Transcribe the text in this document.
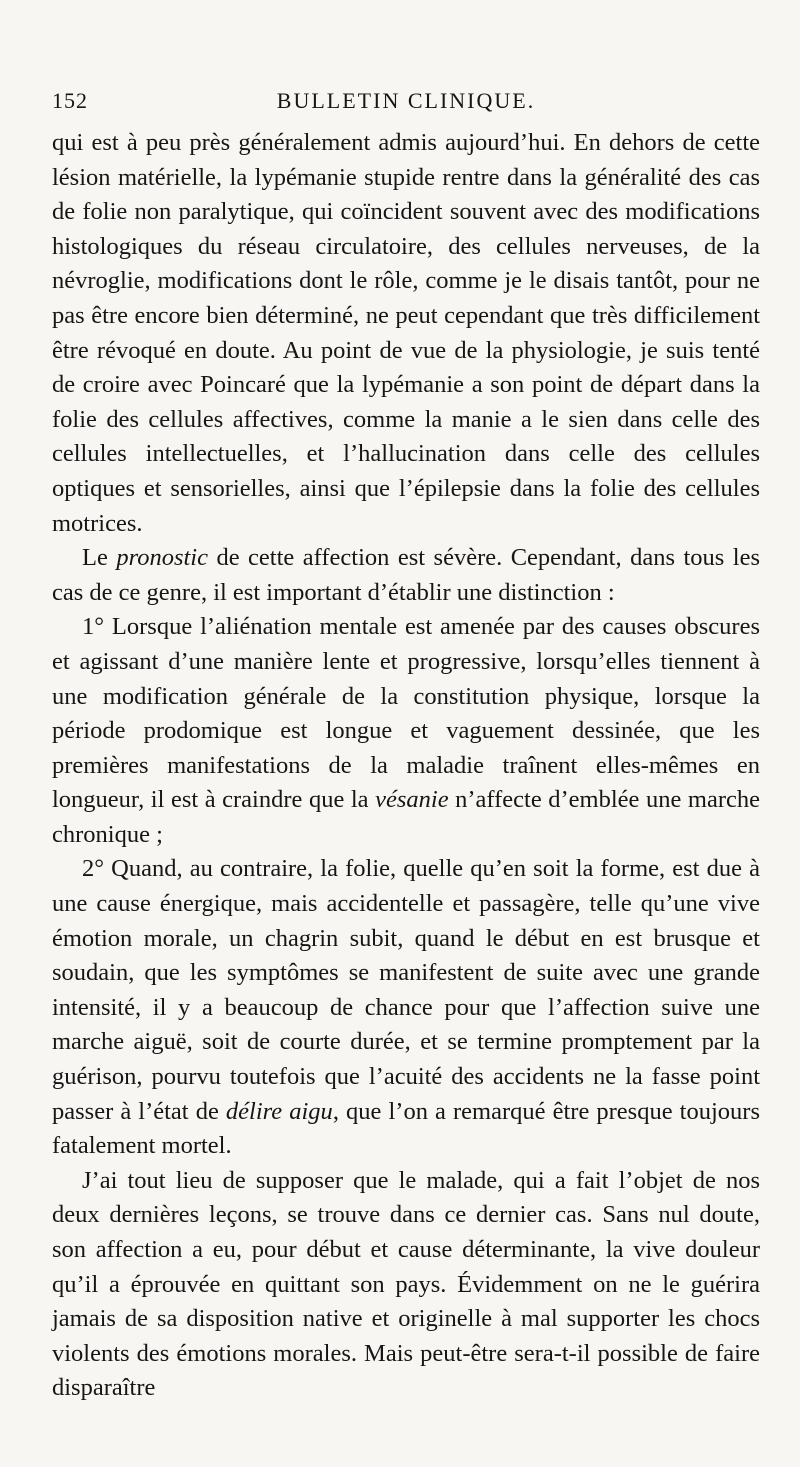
152	BULLETIN CLINIQUE.

qui est à peu près généralement admis aujourd’hui. En dehors de cette lésion matérielle, la lypémanie stupide rentre dans la généralité des cas de folie non paralytique, qui coïncident souvent avec des modifications histologiques du réseau circulatoire, des cellules nerveuses, de la névroglie, modifications dont le rôle, comme je le disais tantôt, pour ne pas être encore bien déterminé, ne peut cependant que très difficilement être révoqué en doute. Au point de vue de la physiologie, je suis tenté de croire avec Poincaré que la lypémanie a son point de départ dans la folie des cellules affectives, comme la manie a le sien dans celle des cellules intellectuelles, et l’hallucination dans celle des cellules optiques et sensorielles, ainsi que l’épilepsie dans la folie des cellules motrices.

Le pronostic de cette affection est sévère. Cependant, dans tous les cas de ce genre, il est important d’établir une distinction :

1° Lorsque l’aliénation mentale est amenée par des causes obscures et agissant d’une manière lente et progressive, lorsqu’elles tiennent à une modification générale de la constitution physique, lorsque la période prodomique est longue et vaguement dessinée, que les premières manifestations de la maladie traînent elles-mêmes en longueur, il est à craindre que la vésanie n’affecte d’emblée une marche chronique ;

2° Quand, au contraire, la folie, quelle qu’en soit la forme, est due à une cause énergique, mais accidentelle et passagère, telle qu’une vive émotion morale, un chagrin subit, quand le début en est brusque et soudain, que les symptômes se manifestent de suite avec une grande intensité, il y a beaucoup de chance pour que l’affection suive une marche aiguë, soit de courte durée, et se termine promptement par la guérison, pourvu toutefois que l’acuité des accidents ne la fasse point passer à l’état de délire aigu, que l’on a remarqué être presque toujours fatalement mortel.

J’ai tout lieu de supposer que le malade, qui a fait l’objet de nos deux dernières leçons, se trouve dans ce dernier cas. Sans nul doute, son affection a eu, pour début et cause déterminante, la vive douleur qu’il a éprouvée en quittant son pays. Évidemment on ne le guérira jamais de sa disposition native et originelle à mal supporter les chocs violents des émotions morales. Mais peut-être sera-t-il possible de faire disparaître
